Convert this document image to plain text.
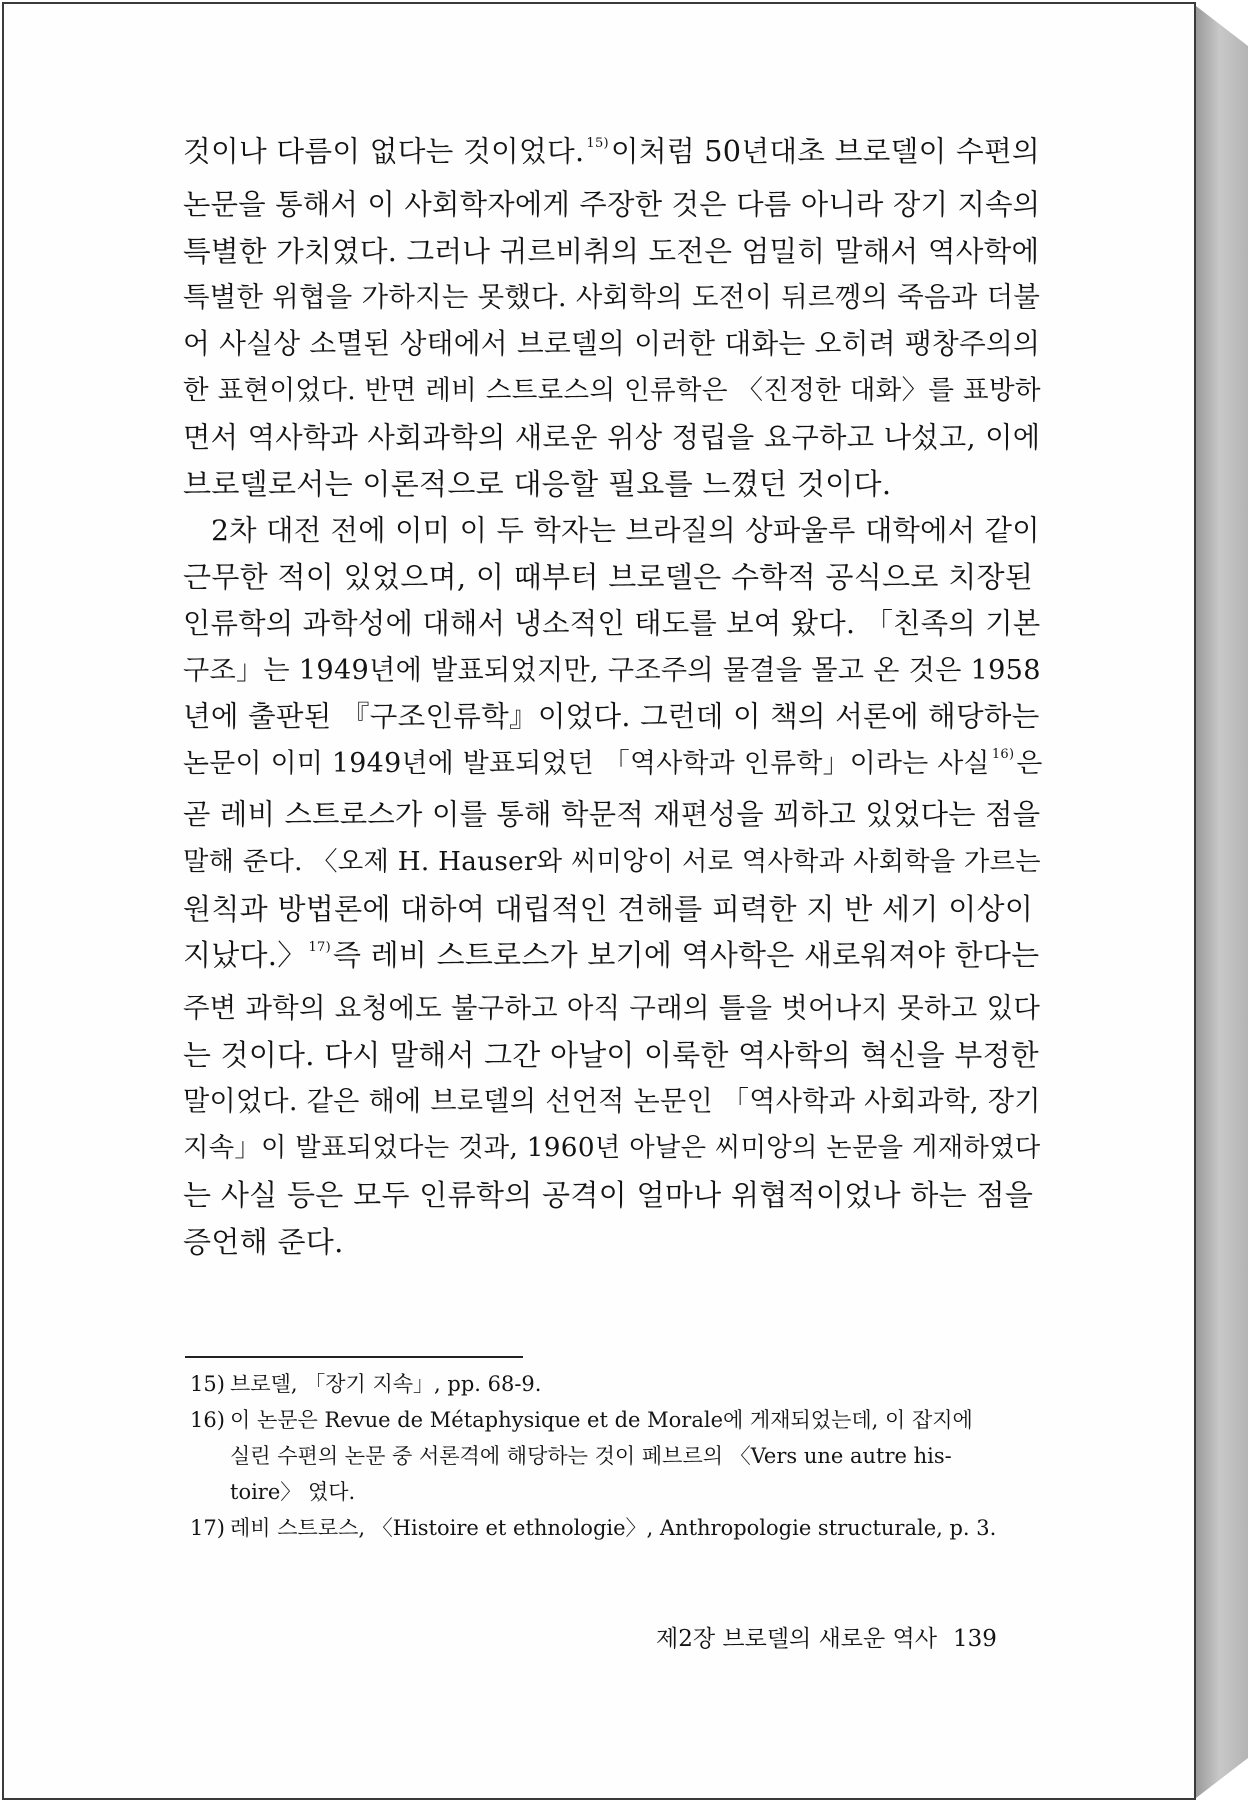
것이나 다름이 없다는 것이었다. $^{15)}$이처럼 50년대초 브로델이 수편의
논문을 통해서 이 사회학자에게 주장한 것은 다름 아니라 장기 지속의
특별한 가치였다. 그러나 귀르비취의 도전은 엄밀히 말해서 역사학에
특별한 위협을 가하지는 못했다. 사회학의 도전이 뒤르껭의 죽음과 더불
어 사실상 소멸된 상태에서 브로델의 이러한 대화는 오히려 팽창주의의
한 표현이었다. 반면 레비 스트로스의 인류학은 〈진정한 대화〉를 표방하
면서 역사학과 사회과학의 새로운 위상 정립을 요구하고 나섰고, 이에
브로델로서는 이론적으로 대응할 필요를 느꼈던 것이다.
2차 대전 전에 이미 이 두 학자는 브라질의 상파울루 대학에서 같이
근무한 적이 있었으며, 이 때부터 브로델은 수학적 공식으로 치장된
인류학의 과학성에 대해서 냉소적인 태도를 보여 왔다. 「친족의 기본
구조」는 1949년에 발표되었지만, 구조주의 물결을 몰고 온 것은 1958
년에 출판된 『구조인류학』이었다. 그런데 이 책의 서론에 해당하는
논문이 이미 1949년에 발표되었던 「역사학과 인류학」이라는 사실 $^{16)}$은
곧 레비 스트로스가 이를 통해 학문적 재편성을 꾀하고 있었다는 점을
말해 준다. 〈오제 H. Hauser와 씨미앙이 서로 역사학과 사회학을 가르는
원칙과 방법론에 대하여 대립적인 견해를 피력한 지 반 세기 이상이
지났다.〉 $^{17)}$즉 레비 스트로스가 보기에 역사학은 새로워져야 한다는
주변 과학의 요청에도 불구하고 아직 구래의 틀을 벗어나지 못하고 있다
는 것이다. 다시 말해서 그간 아날이 이룩한 역사학의 혁신을 부정한
말이었다. 같은 해에 브로델의 선언적 논문인 「역사학과 사회과학, 장기
지속」이 발표되었다는 것과, 1960년 아날은 씨미앙의 논문을 게재하였다
는 사실 등은 모두 인류학의 공격이 얼마나 위협적이었나 하는 점을
증언해 준다.
15) 브로델, 「장기 지속」, pp. 68-9.
16) 이 논문은 Revue de Métaphysique et de Morale에 게재되었는데, 이 잡지에
실린 수편의 논문 중 서론격에 해당하는 것이 페브르의 〈Vers une autre his-
toire〉 였다.
17) 레비 스트로스, 〈Histoire et ethnologie〉, Anthropologie structurale, p. 3.
제2장 브로델의 새로운 역사 139
